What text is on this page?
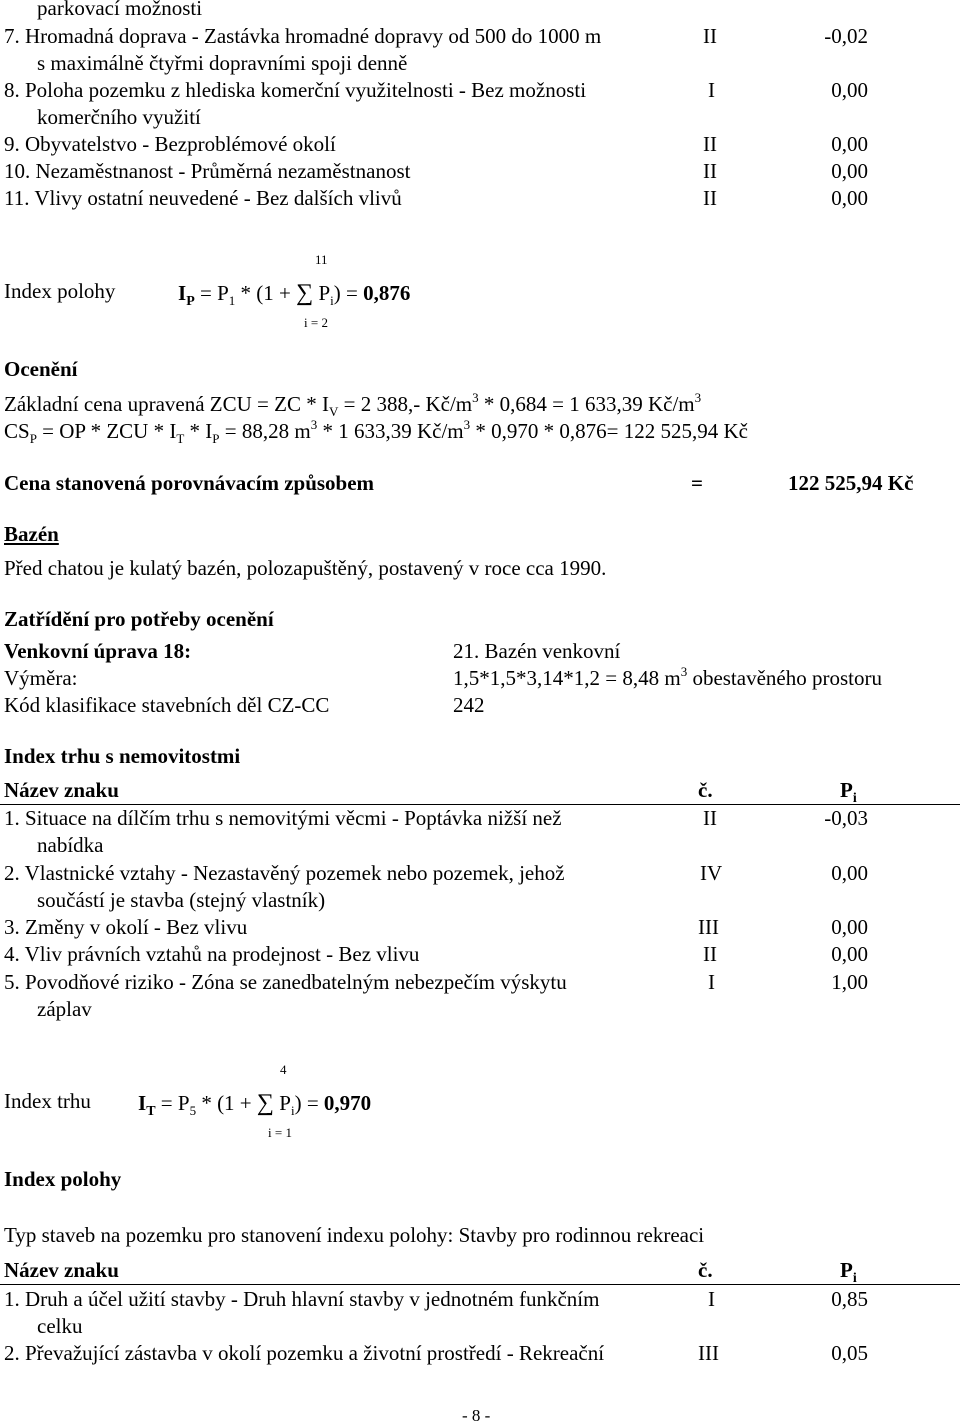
parkovací možnosti
7. Hromadná doprava - Zastávka hromadné dopravy od 500 do 1000 m	II	-0,02
s maximálně čtyřmi dopravními spoji denně
8. Poloha pozemku z hlediska komerční využitelnosti - Bez možnosti	I	0,00
komerčního využití
9. Obyvatelstvo - Bezproblémové okolí	II	0,00
10. Nezaměstnanost - Průměrná nezaměstnanost	II	0,00
11. Vlivy ostatní neuvedené - Bez dalších vlivů	II	0,00
Index polohy
11
i = 2
$I_P = P_1 * (1$ + ∑ $P_i) = 0,876$
Ocenění
Základní cena upravená ZCU = ZC * $I_V = 2$ 388,- $Kč/m^3 * 0,684 = 1$ 633,39 $Kč/m^3$
$CS_P$ = OP * ZCU * $I_T * I_P = 88,28$ $m^3 * 1$ 633,39 $Kč/m^3 * 0,970 * 0,876= 122$ 525,94 Kč
Cena stanovená porovnávacím způsobem	=	122 525,94 Kč
Bazén
Před chatou je kulatý bazén, polozapuštěný, postavený v roce cca 1990.
Zatřídění pro potřeby ocenění
Venkovní úprava 18:	21. Bazén venkovní
Výměra:	1,5*1,5*3,14*1,2 = 8,48 $m^3$ obestavěného prostoru
Kód klasifikace stavebních děl CZ-CC	242
Index trhu s nemovitostmi
Název znaku	č.	$P_i$
1. Situace na dílčím trhu s nemovitými věcmi - Poptávka nižší než	II	-0,03
nabídka
2. Vlastnické vztahy - Nezastavěný pozemek nebo pozemek, jehož	IV	0,00
součástí je stavba (stejný vlastník)
3. Změny v okolí - Bez vlivu	III	0,00
4. Vliv právních vztahů na prodejnost - Bez vlivu	II	0,00
5. Povodňové riziko - Zóna se zanedbatelným nebezpečím výskytu	I	1,00
záplav
4
i = 1
Index trhu $I_T = P_5 * (1$ + ∑ $P_i) = 0,970$
Index polohy
Typ staveb na pozemku pro stanovení indexu polohy: Stavby pro rodinnou rekreaci
Název znaku	č.	$P_i$
1. Druh a účel užití stavby - Druh hlavní stavby v jednotném funkčním	I	0,85
celku
2. Převažující zástavba v okolí pozemku a životní prostředí - Rekreační	III	0,05
- 8 -
